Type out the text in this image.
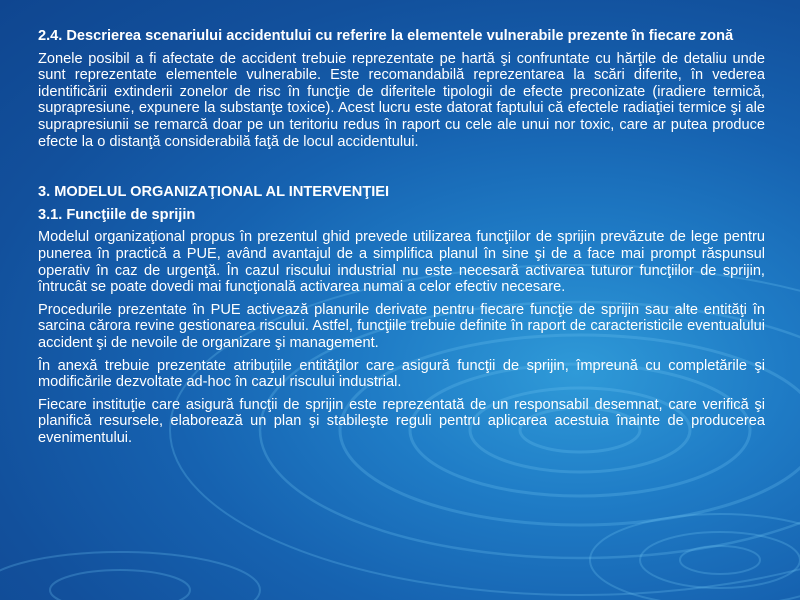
2.4. Descrierea scenariului accidentului cu referire la elementele vulnerabile prezente în fiecare zonă

Zonele posibil a fi afectate de accident trebuie reprezentate pe hartă şi confruntate cu hărţile de detaliu unde sunt reprezentate elementele vulnerabile. Este recomandabilă reprezentarea la scări diferite, în vederea identificării extinderii zonelor de risc în funcţie de diferitele tipologii de efecte preconizate (iradiere termică, suprapresiune, expunere la substanţe toxice). Acest lucru este datorat faptului că efectele radiaţiei termice şi ale suprapresiunii se remarcă doar pe un teritoriu redus în raport cu cele ale unui nor toxic, care ar putea produce efecte la o distanţă considerabilă faţă de locul accidentului.

3. MODELUL ORGANIZAŢIONAL AL INTERVENŢIEI

3.1. Funcţiile de sprijin

Modelul organizaţional propus în prezentul ghid prevede utilizarea funcţiilor de sprijin prevăzute de lege pentru punerea în practică a PUE, având avantajul de a simplifica planul în sine şi de a face mai prompt răspunsul operativ în caz de urgenţă. În cazul riscului industrial nu este necesară activarea tuturor funcţiilor de sprijin, întrucât se poate dovedi mai funcţională activarea numai a celor efectiv necesare.

Procedurile prezentate în PUE activează planurile derivate pentru fiecare funcţie de sprijin sau alte entităţi în sarcina cărora revine gestionarea riscului. Astfel, funcţiile trebuie definite în raport de caracteristicile eventualului accident şi de nevoile de organizare şi management.

În anexă trebuie prezentate atribuţiile entităţilor care asigură funcţii de sprijin, împreună cu completările şi modificările dezvoltate ad-hoc în cazul riscului industrial.

Fiecare instituţie care asigură funcţii de sprijin este reprezentată de un responsabil desemnat, care verifică şi planifică resursele, elaborează un plan şi stabileşte reguli pentru aplicarea acestuia înainte de producerea evenimentului.
